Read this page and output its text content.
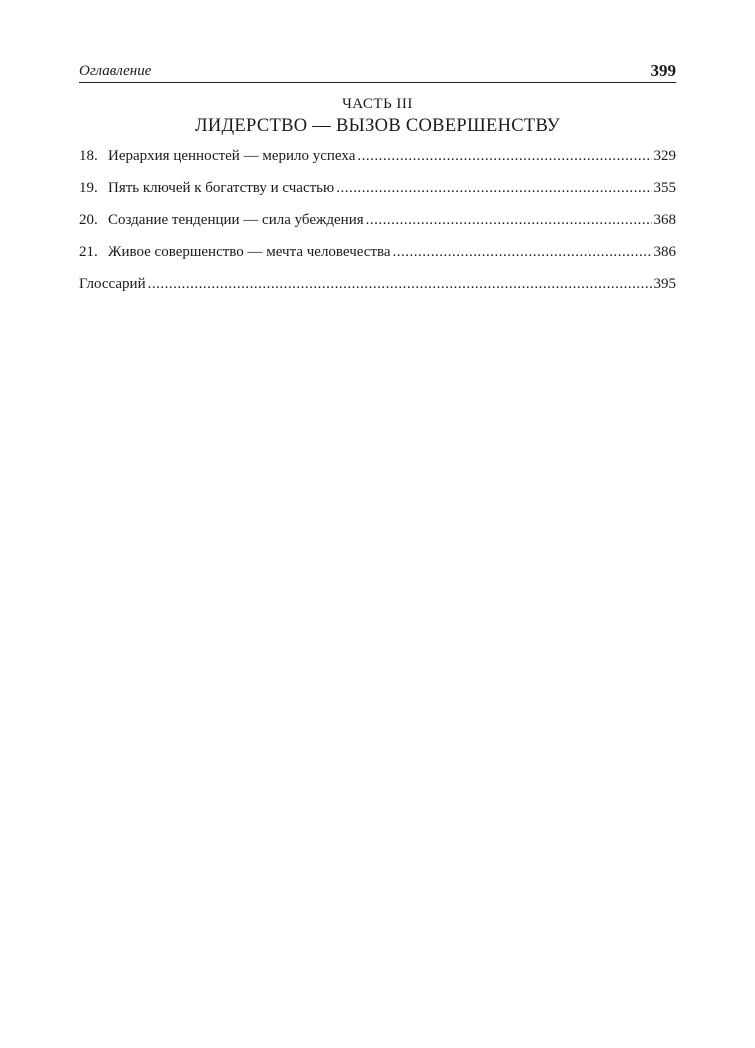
Оглавление	399
ЧАСТЬ III
ЛИДЕРСТВО — ВЫЗОВ СОВЕРШЕНСТВУ
18. Иерархия ценностей — мерило успеха .....	329
19. Пять ключей к богатству и счастью .....	355
20. Создание тенденции — сила убеждения .....	368
21. Живое совершенство — мечта человечества .....	386
Глоссарий .....	395
